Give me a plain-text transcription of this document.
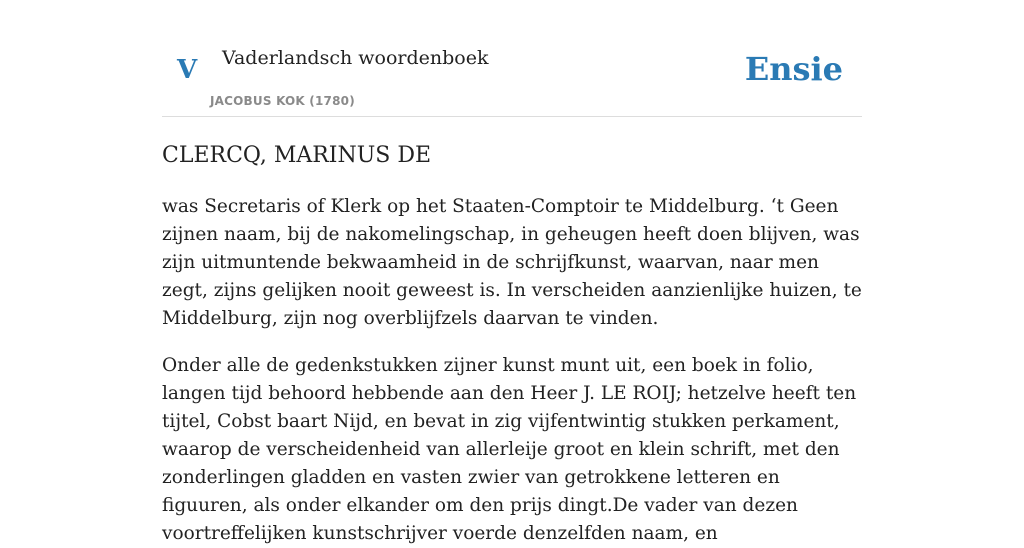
V Vaderlandsch woordenboek
JACOBUS KOK (1780)
Ensie
CLERCQ, MARINUS DE

was Secretaris of Klerk op het Staaten-Comptoir te Middelburg. ‘t Geen zijnen naam, bij de nakomelingschap, in geheugen heeft doen blijven, was zijn uitmuntende bekwaamheid in de schrijfkunst, waarvan, naar men zegt, zijns gelijken nooit geweest is. In verscheiden aanzienlijke huizen, te Middelburg, zijn nog overblijfzels daarvan te vinden.

Onder alle de gedenkstukken zijner kunst munt uit, een boek in folio, langen tijd behoord hebbende aan den Heer J. LE ROIJ; hetzelve heeft ten tijtel, Cobst baart Nijd, en bevat in zig vijfentwintig stukken perkament, waarop de verscheidenheid van allerleije groot en klein schrift, met den zonderlingen gladden en vasten zwier van getrokkene letteren en figuuren, als onder elkander om den prijs dingt.De vader van dezen voortreffelijken kunstschrijver voerde denzelfden naam, en
